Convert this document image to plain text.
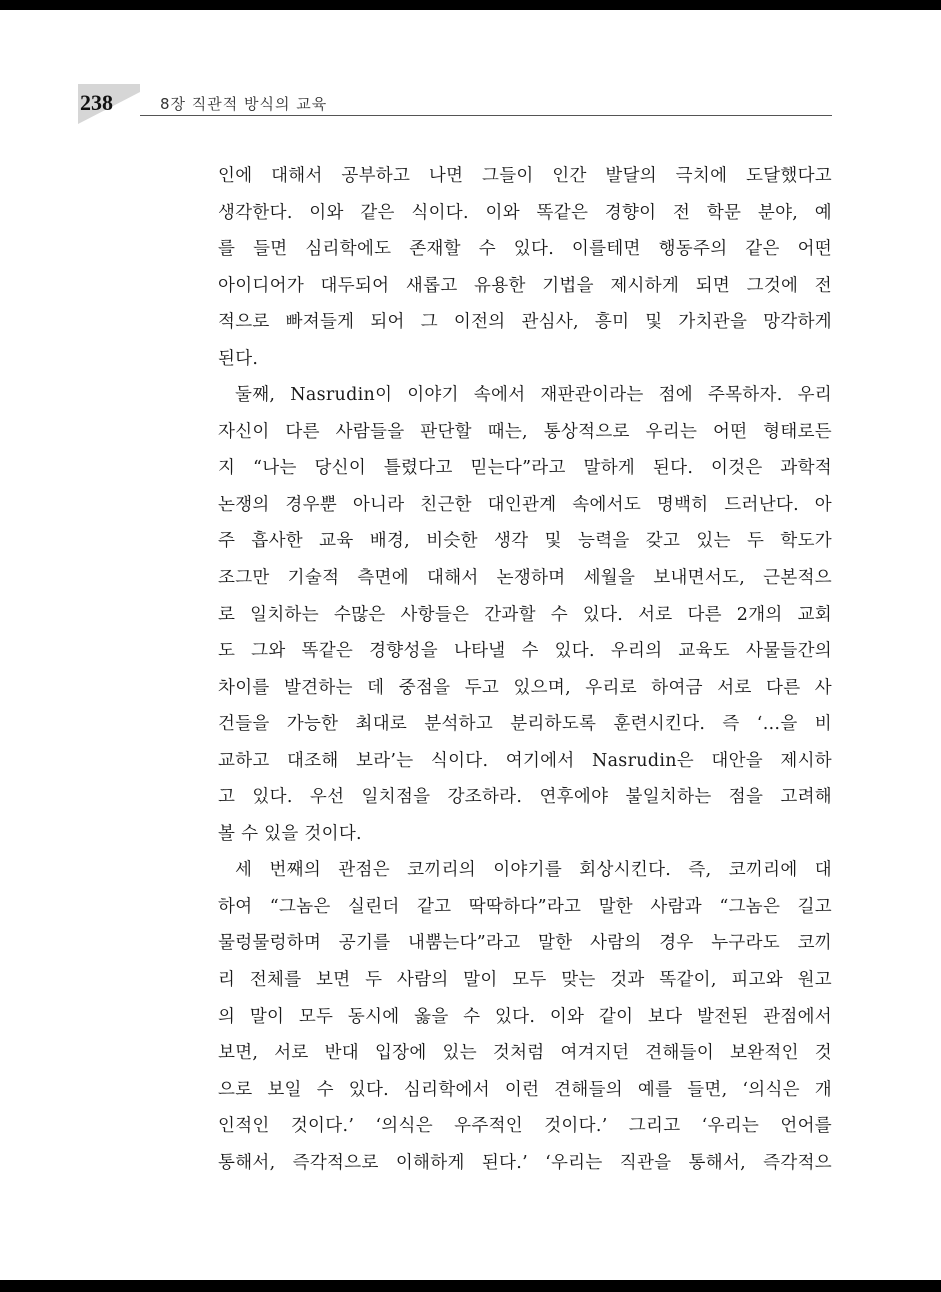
238	8장 직관적 방식의 교육
인에 대해서 공부하고 나면 그들이 인간 발달의 극치에 도달했다고
생각한다. 이와 같은 식이다. 이와 똑같은 경향이 전 학문 분야, 예
를 들면 심리학에도 존재할 수 있다. 이를테면 행동주의 같은 어떤
아이디어가 대두되어 새롭고 유용한 기법을 제시하게 되면 그것에 전
적으로 빠져들게 되어 그 이전의 관심사, 흥미 및 가치관을 망각하게
된다.
둘째, Nasrudin이 이야기 속에서 재판관이라는 점에 주목하자. 우리
자신이 다른 사람들을 판단할 때는, 통상적으로 우리는 어떤 형태로든
지 “나는 당신이 틀렸다고 믿는다”라고 말하게 된다. 이것은 과학적
논쟁의 경우뿐 아니라 친근한 대인관계 속에서도 명백히 드러난다. 아
주 흡사한 교육 배경, 비슷한 생각 및 능력을 갖고 있는 두 학도가
조그만 기술적 측면에 대해서 논쟁하며 세월을 보내면서도, 근본적으
로 일치하는 수많은 사항들은 간과할 수 있다. 서로 다른 2개의 교회
도 그와 똑같은 경향성을 나타낼 수 있다. 우리의 교육도 사물들간의
차이를 발견하는 데 중점을 두고 있으며, 우리로 하여금 서로 다른 사
건들을 가능한 최대로 분석하고 분리하도록 훈련시킨다. 즉 ‘…을 비
교하고 대조해 보라’는 식이다. 여기에서 Nasrudin은 대안을 제시하
고 있다. 우선 일치점을 강조하라. 연후에야 불일치하는 점을 고려해
볼 수 있을 것이다.
세 번째의 관점은 코끼리의 이야기를 회상시킨다. 즉, 코끼리에 대
하여 “그놈은 실린더 같고 딱딱하다”라고 말한 사람과 “그놈은 길고
물렁물렁하며 공기를 내뿜는다”라고 말한 사람의 경우 누구라도 코끼
리 전체를 보면 두 사람의 말이 모두 맞는 것과 똑같이, 피고와 원고
의 말이 모두 동시에 옳을 수 있다. 이와 같이 보다 발전된 관점에서
보면, 서로 반대 입장에 있는 것처럼 여겨지던 견해들이 보완적인 것
으로 보일 수 있다. 심리학에서 이런 견해들의 예를 들면, ‘의식은 개
인적인 것이다.’ ‘의식은 우주적인 것이다.’ 그리고 ‘우리는 언어를
통해서, 즉각적으로 이해하게 된다.’ ‘우리는 직관을 통해서, 즉각적으
